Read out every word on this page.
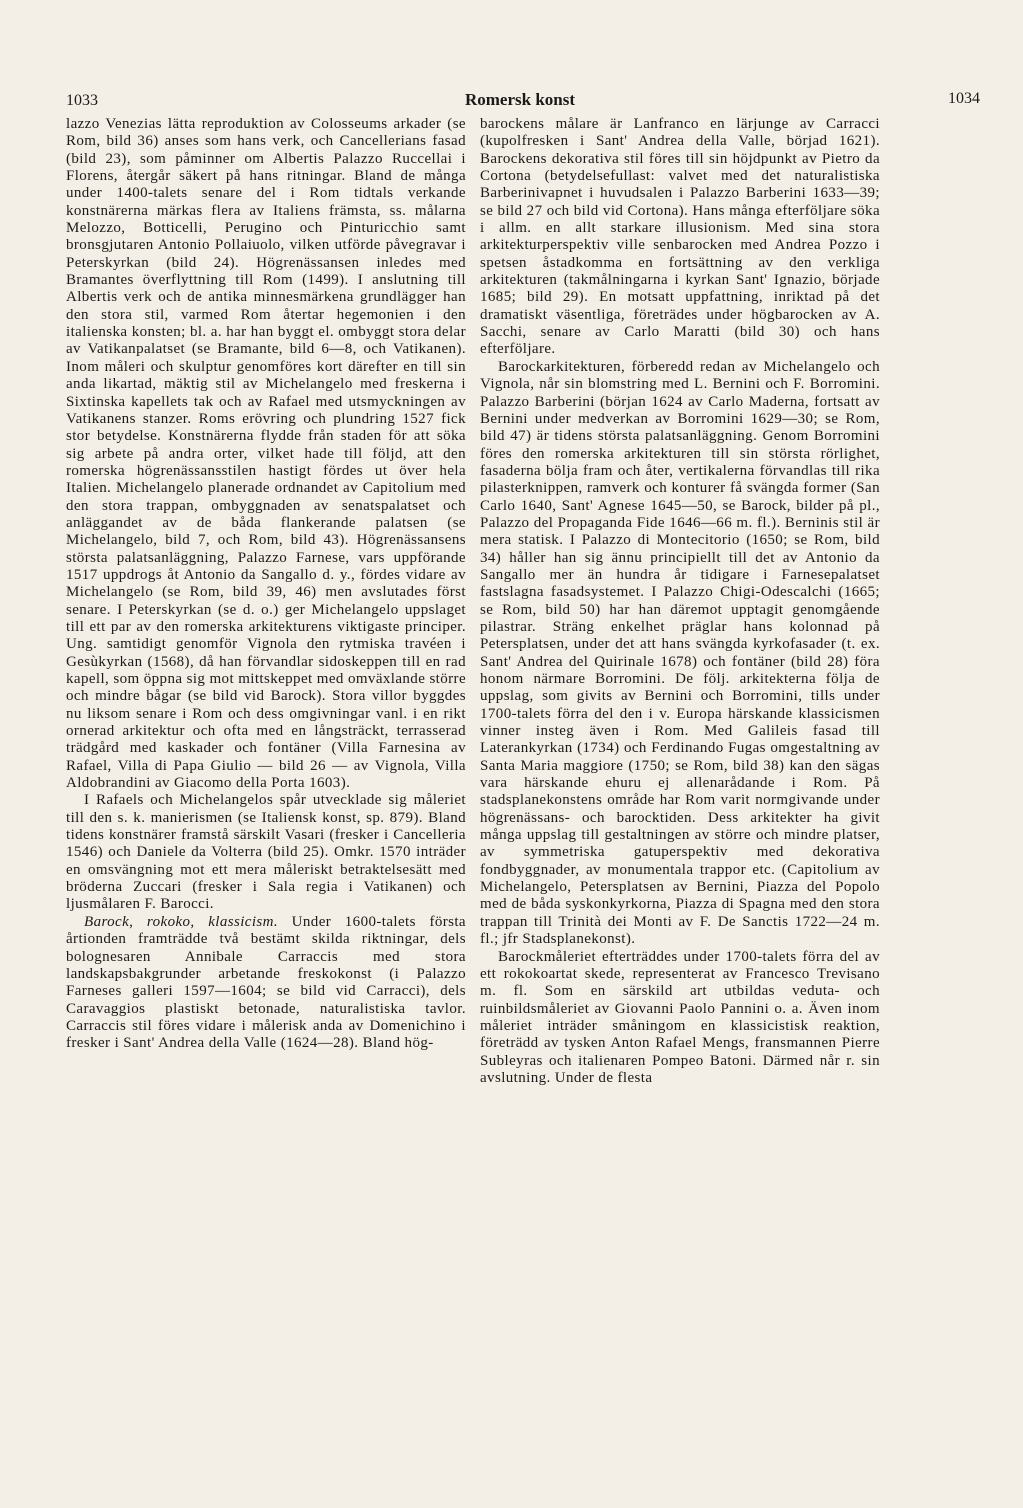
1033	Romersk konst	1034

lazzo Venezias lätta reproduktion av Colosseums arkader (se Rom, bild 36) anses som hans verk, och Cancellerians fasad (bild 23), som påminner om Albertis Palazzo Ruccellai i Florens, återgår säkert på hans ritningar. Bland de många under 1400-talets senare del i Rom tidtals verkande konstnärerna märkas flera av Italiens främsta, ss. målarna Melozzo, Botticelli, Perugino och Pinturicchio samt bronsgjutaren Antonio Pollaiuolo, vilken utförde påvegravar i Peterskyrkan (bild 24). Högrenässansen inledes med Bramantes överflyttning till Rom (1499). I anslutning till Albertis verk och de antika minnesmärkena grundlägger han den stora stil, varmed Rom återtar hegemonien i den italienska konsten; bl. a. har han byggt el. ombyggt stora delar av Vatikanpalatset (se Bramante, bild 6—8, och Vatikanen). Inom måleri och skulptur genomföres kort därefter en till sin anda likartad, mäktig stil av Michelangelo med freskerna i Sixtinska kapellets tak och av Rafael med utsmyckningen av Vatikanens stanzer. Roms erövring och plundring 1527 fick stor betydelse. Konstnärerna flydde från staden för att söka sig arbete på andra orter, vilket hade till följd, att den romerska högrenässansstilen hastigt fördes ut över hela Italien. Michelangelo planerade ordnandet av Capitolium med den stora trappan, ombyggnaden av senatspalatset och anläggandet av de båda flankerande palatsen (se Michelangelo, bild 7, och Rom, bild 43). Högrenässansens största palatsanläggning, Palazzo Farnese, vars uppförande 1517 uppdrogs åt Antonio da Sangallo d. y., fördes vidare av Michelangelo (se Rom, bild 39, 46) men avslutades först senare. I Peterskyrkan (se d. o.) ger Michelangelo uppslaget till ett par av den romerska arkitekturens viktigaste principer. Ung. samtidigt genomför Vignola den rytmiska travéen i Gesùkyrkan (1568), då han förvandlar sidoskeppen till en rad kapell, som öppna sig mot mittskeppet med omväxlande större och mindre bågar (se bild vid Barock). Stora villor byggdes nu liksom senare i Rom och dess omgivningar vanl. i en rikt ornerad arkitektur och ofta med en långsträckt, terrasserad trädgård med kaskader och fontäner (Villa Farnesina av Rafael, Villa di Papa Giulio — bild 26 — av Vignola, Villa Aldobrandini av Giacomo della Porta 1603).

I Rafaels och Michelangelos spår utvecklade sig måleriet till den s. k. manierismen (se Italiensk konst, sp. 879). Bland tidens konstnärer framstå särskilt Vasari (fresker i Cancelleria 1546) och Daniele da Volterra (bild 25). Omkr. 1570 inträder en omsvängning mot ett mera måleriskt betraktelsesätt med bröderna Zuccari (fresker i Sala regia i Vatikanen) och ljusmålaren F. Barocci.

Barock, rokoko, klassicism. Under 1600-talets första årtionden framträdde två bestämt skilda riktningar, dels bolognesaren Annibale Carraccis med stora landskapsbakgrunder arbetande freskokonst (i Palazzo Farneses galleri 1597—1604; se bild vid Carracci), dels Caravaggios plastiskt betonade, naturalistiska tavlor. Carraccis stil föres vidare i målerisk anda av Domenichino i fresker i Sant' Andrea della Valle (1624—28). Bland hög-

barockens målare är Lanfranco en lärjunge av Carracci (kupolfresken i Sant' Andrea della Valle, börjad 1621). Barockens dekorativa stil föres till sin höjdpunkt av Pietro da Cortona (betydelsefullast: valvet med det naturalistiska Barberinivapnet i huvudsalen i Palazzo Barberini 1633—39; se bild 27 och bild vid Cortona). Hans många efterföljare söka i allm. en allt starkare illusionism. Med sina stora arkitekturperspektiv ville senbarocken med Andrea Pozzo i spetsen åstadkomma en fortsättning av den verkliga arkitekturen (takmålningarna i kyrkan Sant' Ignazio, började 1685; bild 29). En motsatt uppfattning, inriktad på det dramatiskt väsentliga, företrädes under högbarocken av A. Sacchi, senare av Carlo Maratti (bild 30) och hans efterföljare.

Barockarkitekturen, förberedd redan av Michelangelo och Vignola, når sin blomstring med L. Bernini och F. Borromini. Palazzo Barberini (början 1624 av Carlo Maderna, fortsatt av Bernini under medverkan av Borromini 1629—30; se Rom, bild 47) är tidens största palatsanläggning. Genom Borromini föres den romerska arkitekturen till sin största rörlighet, fasaderna bölja fram och åter, vertikalerna förvandlas till rika pilasterknippen, ramverk och konturer få svängda former (San Carlo 1640, Sant' Agnese 1645—50, se Barock, bilder på pl., Palazzo del Propaganda Fide 1646—66 m. fl.). Berninis stil är mera statisk. I Palazzo di Montecitorio (1650; se Rom, bild 34) håller han sig ännu principiellt till det av Antonio da Sangallo mer än hundra år tidigare i Farnesepalatset fastslagna fasadsystemet. I Palazzo Chigi-Odescalchi (1665; se Rom, bild 50) har han däremot upptagit genomgående pilastrar. Sträng enkelhet präglar hans kolonnad på Petersplatsen, under det att hans svängda kyrkofasader (t. ex. Sant' Andrea del Quirinale 1678) och fontäner (bild 28) föra honom närmare Borromini. De följ. arkitekterna följa de uppslag, som givits av Bernini och Borromini, tills under 1700-talets förra del den i v. Europa härskande klassicismen vinner insteg även i Rom. Med Galileis fasad till Laterankyrkan (1734) och Ferdinando Fugas omgestaltning av Santa Maria maggiore (1750; se Rom, bild 38) kan den sägas vara härskande ehuru ej allenarådande i Rom. På stadsplanekonstens område har Rom varit normgivande under högrenässans- och barocktiden. Dess arkitekter ha givit många uppslag till gestaltningen av större och mindre platser, av symmetriska gatuperspektiv med dekorativa fondbyggnader, av monumentala trappor etc. (Capitolium av Michelangelo, Petersplatsen av Bernini, Piazza del Popolo med de båda syskonkyrkorna, Piazza di Spagna med den stora trappan till Trinità dei Monti av F. De Sanctis 1722—24 m. fl.; jfr Stadsplanekonst).

Barockmåleriet efterträddes under 1700-talets förra del av ett rokokoartat skede, representerat av Francesco Trevisano m. fl. Som en särskild art utbildas veduta- och ruinbildsmåleriet av Giovanni Paolo Pannini o. a. Även inom måleriet inträder småningom en klassicistisk reaktion, företrädd av tysken Anton Rafael Mengs, fransmannen Pierre Subleyras och italienaren Pompeo Batoni. Därmed når r. sin avslutning. Under de flesta
